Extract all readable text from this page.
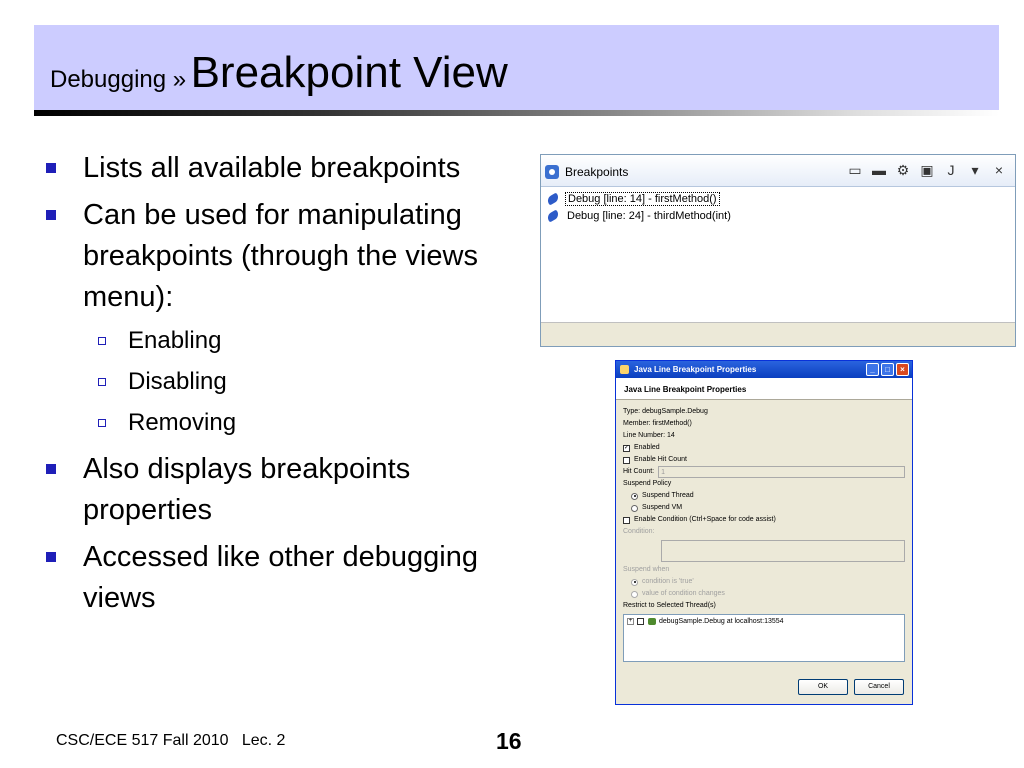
Debugging » Breakpoint View
Lists all available breakpoints
Can be used for manipulating breakpoints (through the views menu):
Enabling
Disabling
Removing
Also displays breakpoints properties
Accessed like other debugging views
Breakpoints	▭ ▬ ⚙ ▣ J	▾	×
Debug [line: 14] - firstMethod()
Debug [line: 24] - thirdMethod(int)
Java Line Breakpoint Properties	_	□	×
Java Line Breakpoint Properties
Type: debugSample.Debug
Member: firstMethod()
Line Number: 14
✓ Enabled
Enable Hit Count
Hit Count:	1
Suspend Policy
Suspend Thread
Suspend VM
Enable Condition (Ctrl+Space for code assist)
Condition:
Suspend when
condition is 'true'
value of condition changes
Restrict to Selected Thread(s)
+	debugSample.Debug at localhost:13554
OK	Cancel
CSC/ECE 517 Fall 2010   Lec. 2	16
